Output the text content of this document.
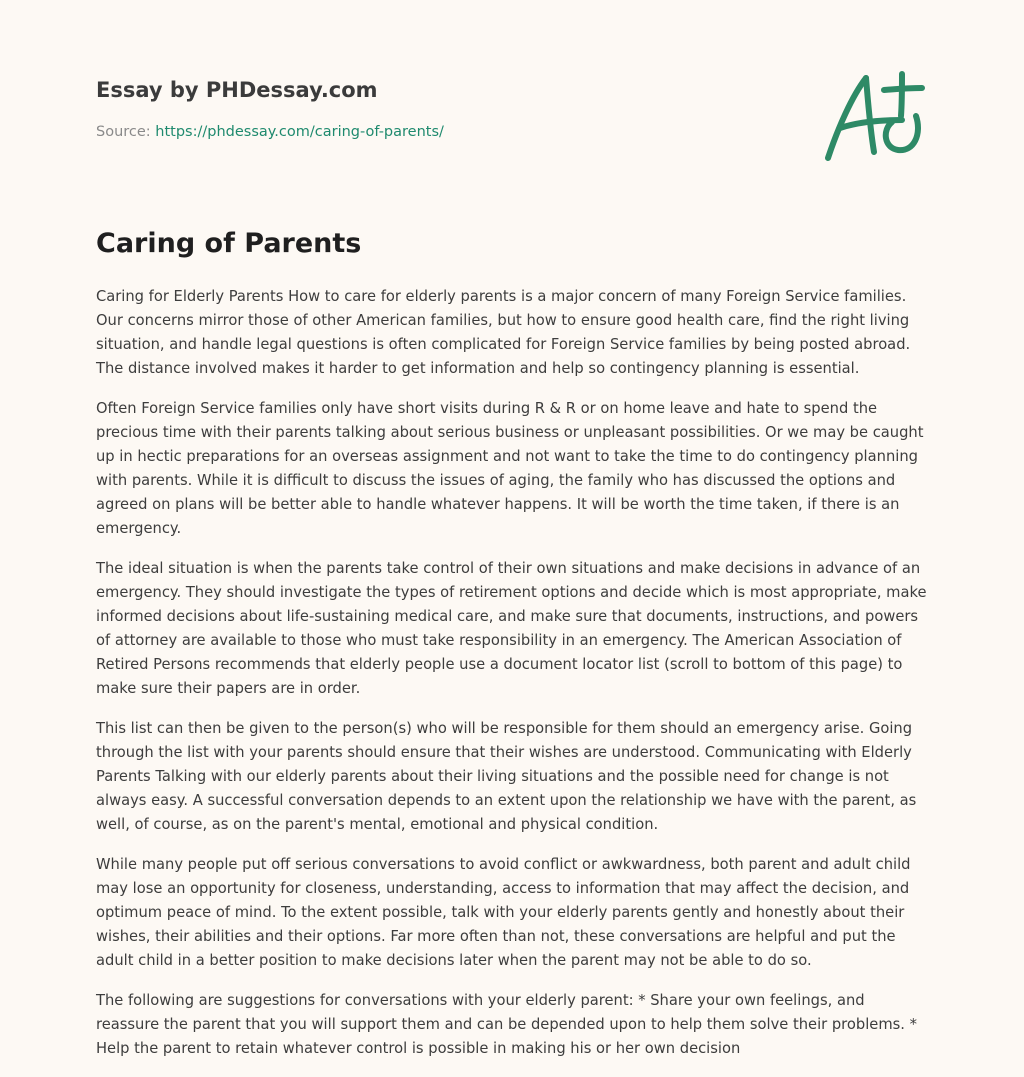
Essay by PHDessay.com
Source: https://phdessay.com/caring-of-parents/
Caring of Parents

Caring for Elderly Parents How to care for elderly parents is a major concern of many Foreign Service families. Our concerns mirror those of other American families, but how to ensure good health care, find the right living situation, and handle legal questions is often complicated for Foreign Service families by being posted abroad. The distance involved makes it harder to get information and help so contingency planning is essential.

Often Foreign Service families only have short visits during R & R or on home leave and hate to spend the precious time with their parents talking about serious business or unpleasant possibilities. Or we may be caught up in hectic preparations for an overseas assignment and not want to take the time to do contingency planning with parents. While it is difficult to discuss the issues of aging, the family who has discussed the options and agreed on plans will be better able to handle whatever happens. It will be worth the time taken, if there is an emergency.

The ideal situation is when the parents take control of their own situations and make decisions in advance of an emergency. They should investigate the types of retirement options and decide which is most appropriate, make informed decisions about life-sustaining medical care, and make sure that documents, instructions, and powers of attorney are available to those who must take responsibility in an emergency. The American Association of Retired Persons recommends that elderly people use a document locator list (scroll to bottom of this page) to make sure their papers are in order.

This list can then be given to the person(s) who will be responsible for them should an emergency arise. Going through the list with your parents should ensure that their wishes are understood. Communicating with Elderly Parents Talking with our elderly parents about their living situations and the possible need for change is not always easy. A successful conversation depends to an extent upon the relationship we have with the parent, as well, of course, as on the parent's mental, emotional and physical condition.

While many people put off serious conversations to avoid conflict or awkwardness, both parent and adult child may lose an opportunity for closeness, understanding, access to information that may affect the decision, and optimum peace of mind. To the extent possible, talk with your elderly parents gently and honestly about their wishes, their abilities and their options. Far more often than not, these conversations are helpful and put the adult child in a better position to make decisions later when the parent may not be able to do so.

The following are suggestions for conversations with your elderly parent: * Share your own feelings, and reassure the parent that you will support them and can be depended upon to help them solve their problems. * Help the parent to retain whatever control is possible in making his or her own decision
